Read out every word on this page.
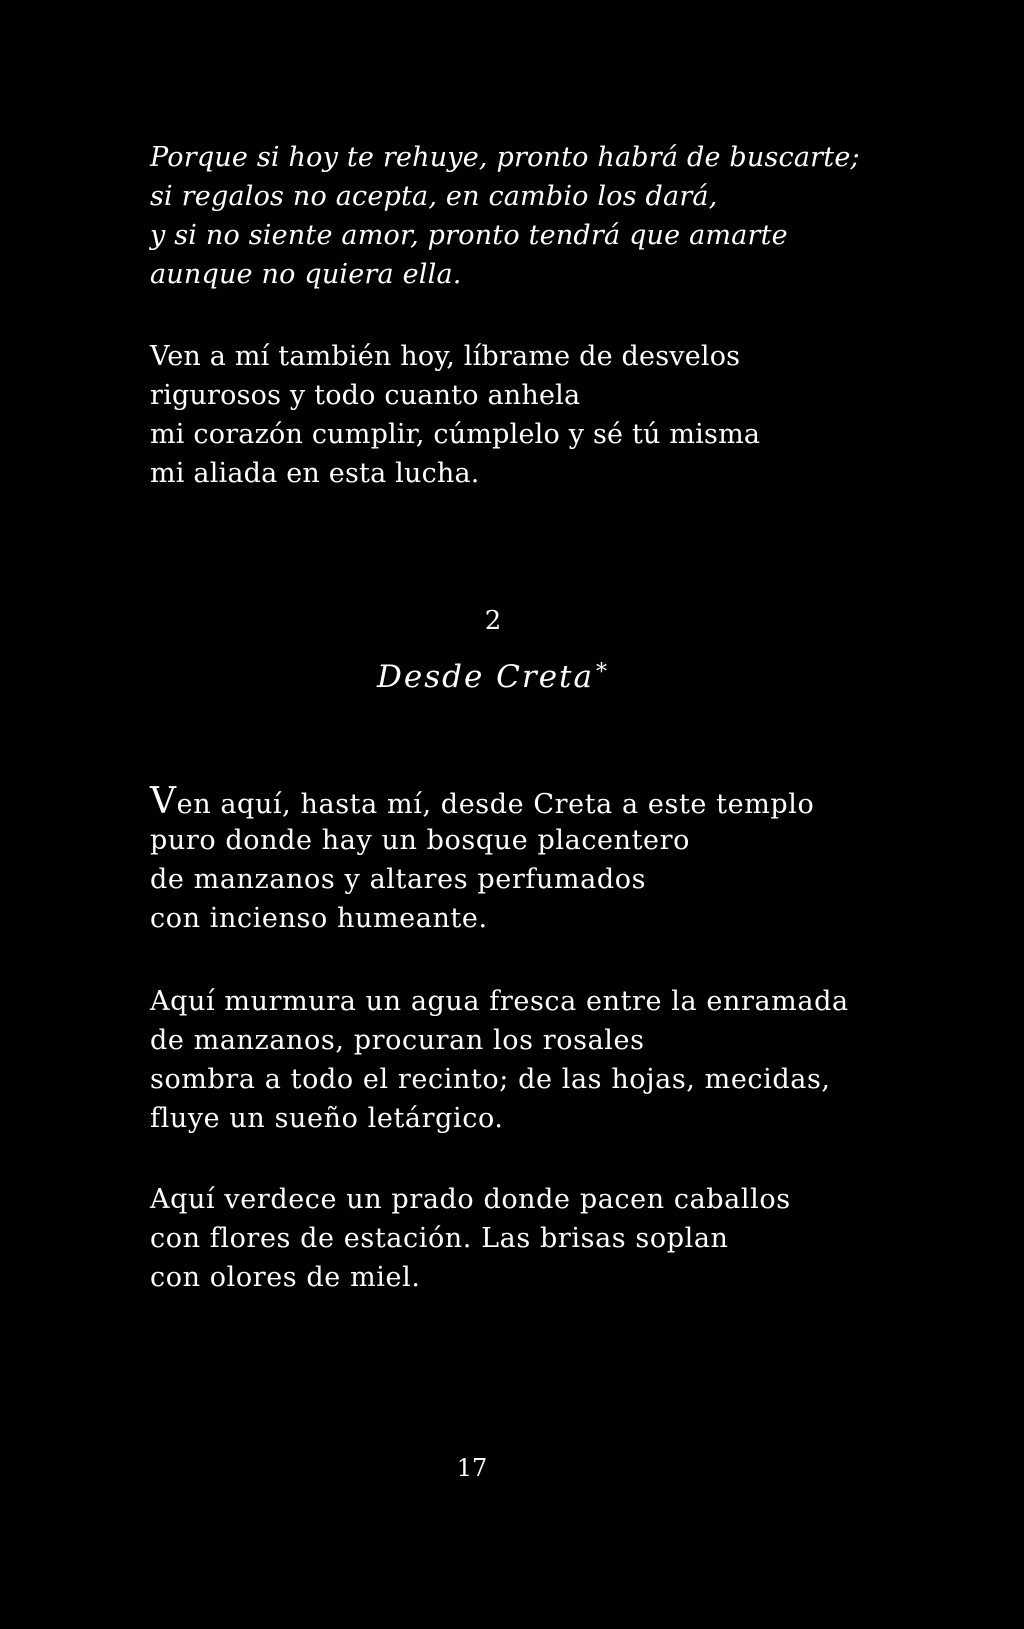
Porque si hoy te rehuye, pronto habrá de buscarte;
si regalos no acepta, en cambio los dará,
y si no siente amor, pronto tendrá que amarte
aunque no quiera ella.

Ven a mí también hoy, líbrame de desvelos
rigurosos y todo cuanto anhela
mi corazón cumplir, cúmplelo y sé tú misma
mi aliada en esta lucha.

2
Desde Creta*

Ven aquí, hasta mí, desde Creta a este templo
puro donde hay un bosque placentero
de manzanos y altares perfumados
con incienso humeante.

Aquí murmura un agua fresca entre la enramada
de manzanos, procuran los rosales
sombra a todo el recinto; de las hojas, mecidas,
fluye un sueño letárgico.

Aquí verdece un prado donde pacen caballos
con flores de estación. Las brisas soplan
con olores de miel.

17
